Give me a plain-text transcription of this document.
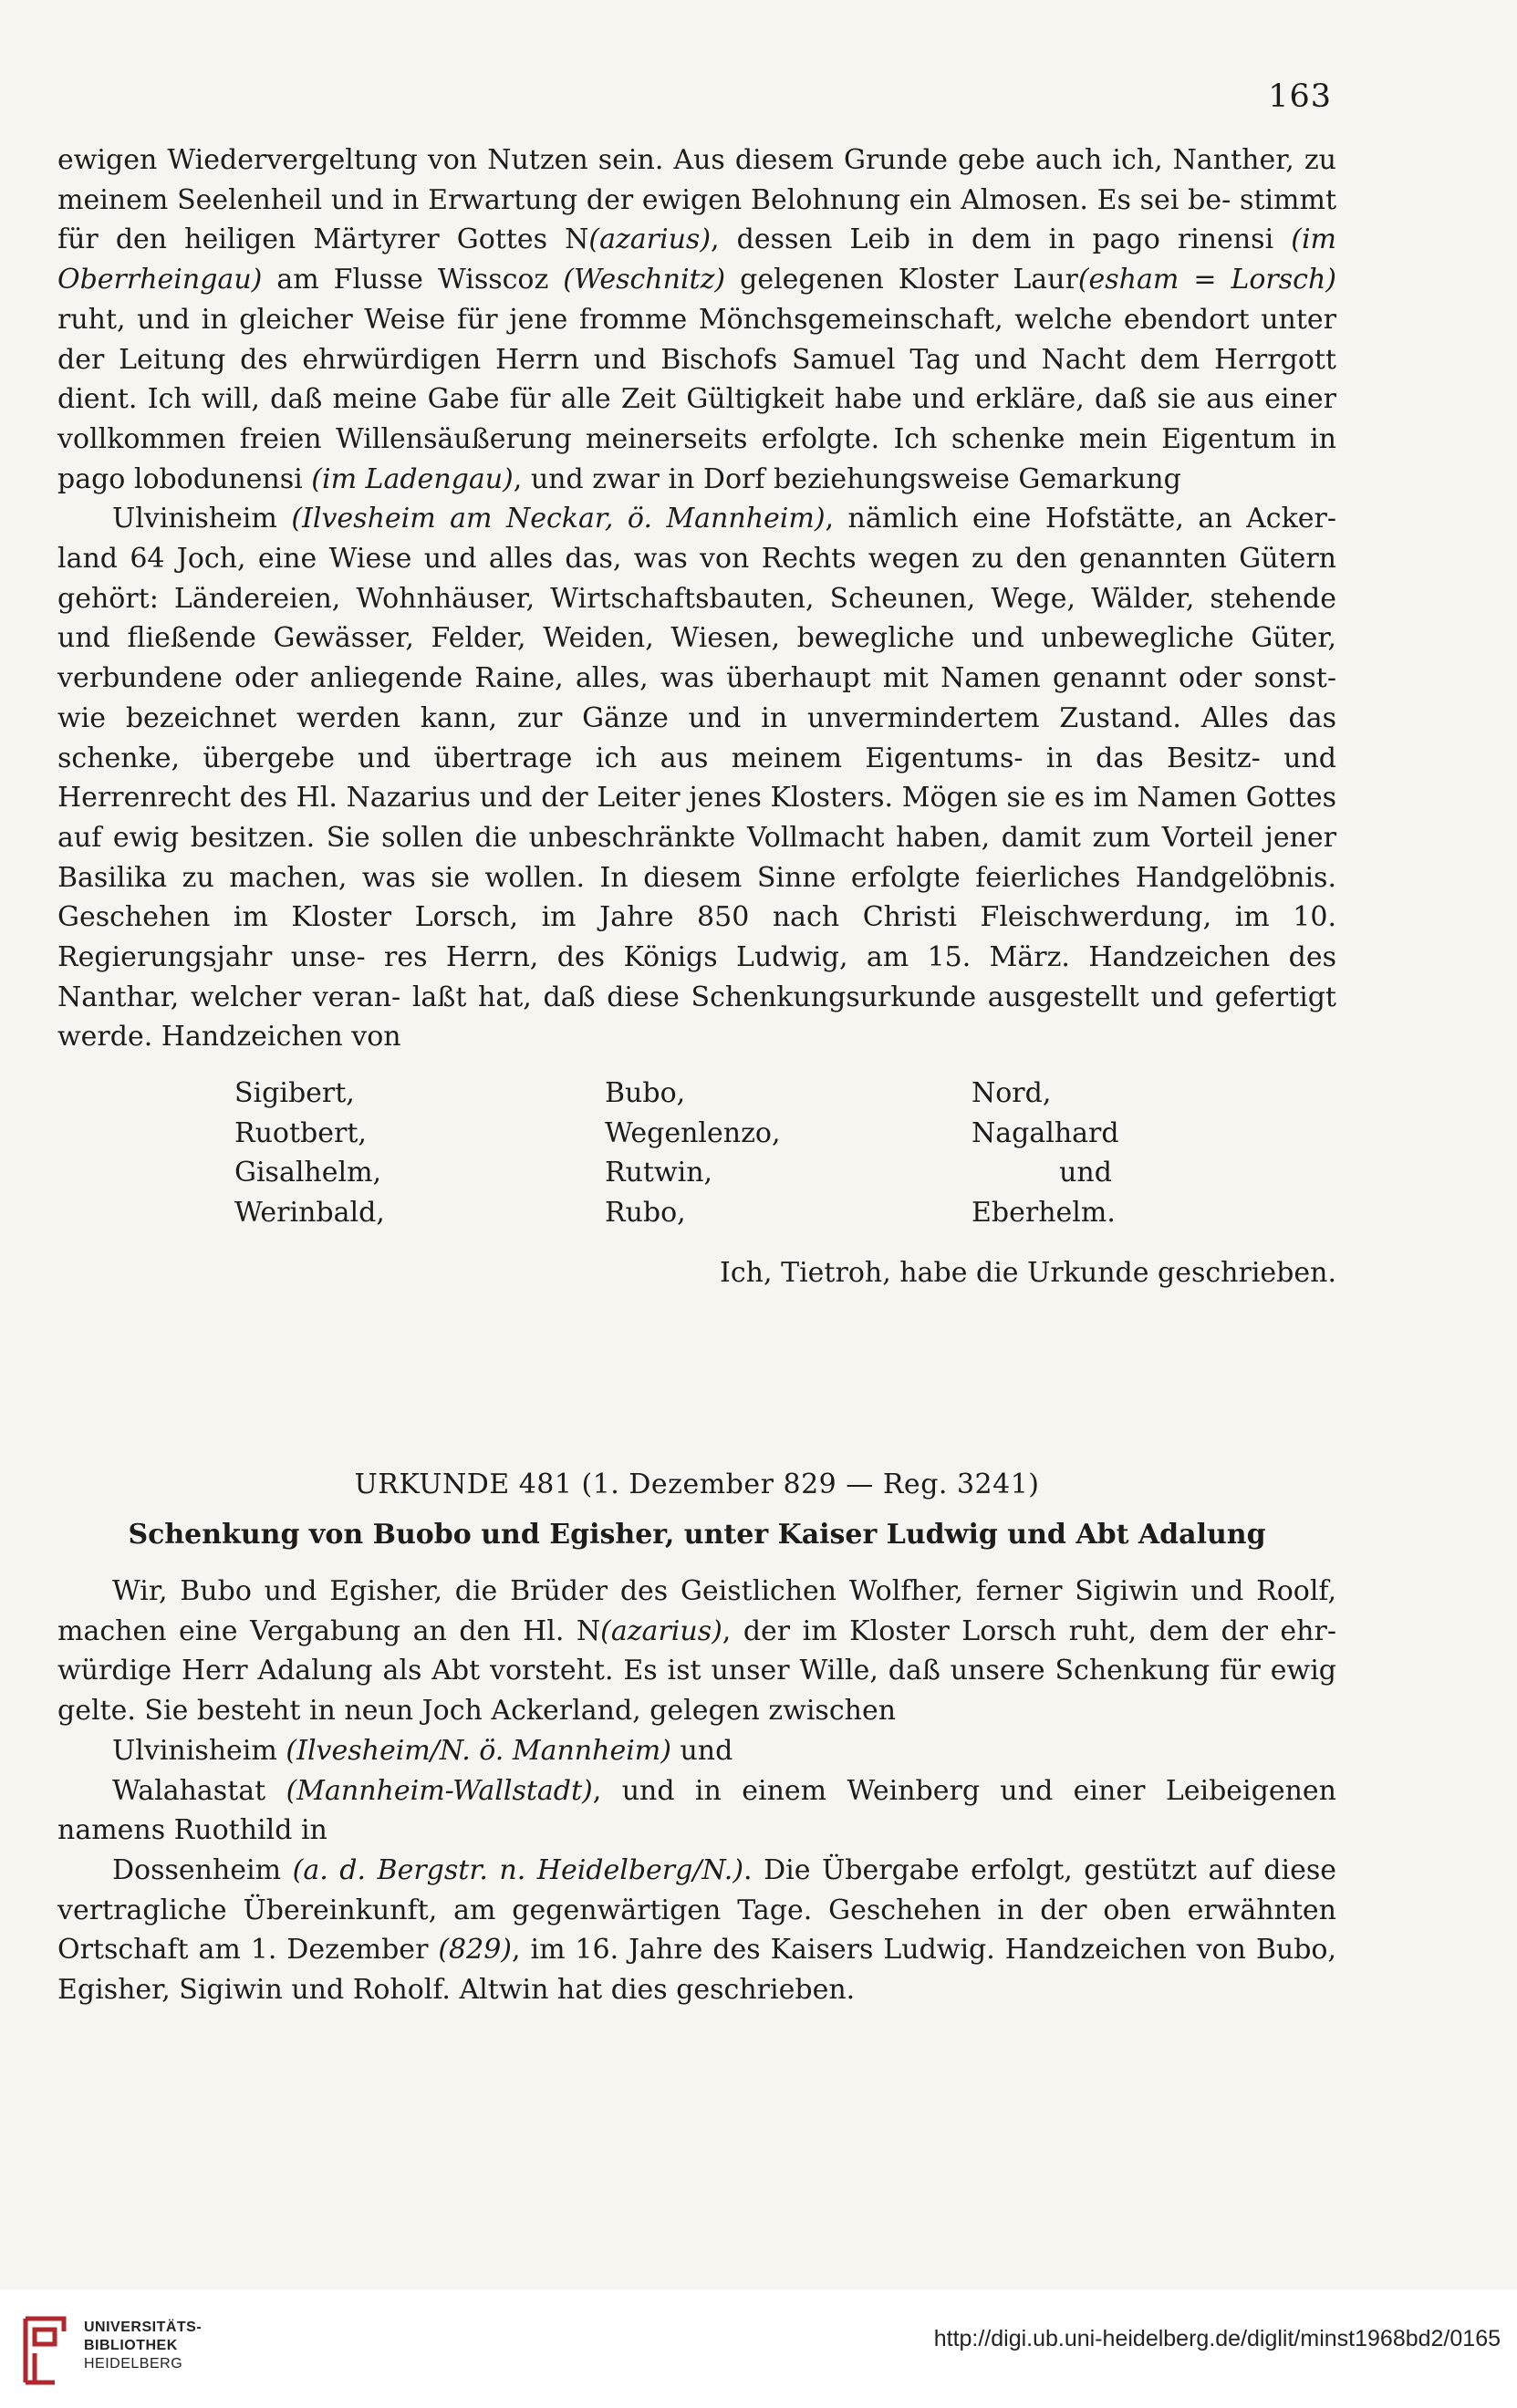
163

ewigen Wiedervergeltung von Nutzen sein. Aus diesem Grunde gebe auch ich, Nanther, zu meinem Seelenheil und in Erwartung der ewigen Belohnung ein Almosen. Es sei be- stimmt für den heiligen Märtyrer Gottes N(azarius), dessen Leib in dem in pago rinensi (im Oberrheingau) am Flusse Wisscoz (Weschnitz) gelegenen Kloster Laur(esham = Lorsch) ruht, und in gleicher Weise für jene fromme Mönchsgemeinschaft, welche ebendort unter der Leitung des ehrwürdigen Herrn und Bischofs Samuel Tag und Nacht dem Herrgott dient. Ich will, daß meine Gabe für alle Zeit Gültigkeit habe und erkläre, daß sie aus einer vollkommen freien Willensäußerung meinerseits erfolgte. Ich schenke mein Eigentum in pago lobodunensi (im Ladengau), und zwar in Dorf beziehungsweise Gemarkung

Ulvinisheim (Ilvesheim am Neckar, ö. Mannheim), nämlich eine Hofstätte, an Acker- land 64 Joch, eine Wiese und alles das, was von Rechts wegen zu den genannten Gütern gehört: Ländereien, Wohnhäuser, Wirtschaftsbauten, Scheunen, Wege, Wälder, stehende und fließende Gewässer, Felder, Weiden, Wiesen, bewegliche und unbewegliche Güter, verbundene oder anliegende Raine, alles, was überhaupt mit Namen genannt oder sonst- wie bezeichnet werden kann, zur Gänze und in unvermindertem Zustand. Alles das schenke, übergebe und übertrage ich aus meinem Eigentums- in das Besitz- und Herrenrecht des Hl. Nazarius und der Leiter jenes Klosters. Mögen sie es im Namen Gottes auf ewig besitzen. Sie sollen die unbeschränkte Vollmacht haben, damit zum Vorteil jener Basilika zu machen, was sie wollen. In diesem Sinne erfolgte feierliches Handgelöbnis. Geschehen im Kloster Lorsch, im Jahre 850 nach Christi Fleischwerdung, im 10. Regierungsjahr unse- res Herrn, des Königs Ludwig, am 15. März. Handzeichen des Nanthar, welcher veran- laßt hat, daß diese Schenkungsurkunde ausgestellt und gefertigt werde. Handzeichen von

Sigibert,	Bubo,	Nord,
Ruotbert,	Wegenlenzo,	Nagalhard
Gisalhelm,	Rutwin,	und
Werinbald,	Rubo,	Eberhelm.
Ich, Tietroh, habe die Urkunde geschrieben.
URKUNDE 481 (1. Dezember 829 — Reg. 3241)
Schenkung von Buobo und Egisher, unter Kaiser Ludwig und Abt Adalung

Wir, Bubo und Egisher, die Brüder des Geistlichen Wolfher, ferner Sigiwin und Roolf, machen eine Vergabung an den Hl. N(azarius), der im Kloster Lorsch ruht, dem der ehr- würdige Herr Adalung als Abt vorsteht. Es ist unser Wille, daß unsere Schenkung für ewig gelte. Sie besteht in neun Joch Ackerland, gelegen zwischen

Ulvinisheim (Ilvesheim/N. ö. Mannheim) und

Walahastat (Mannheim-Wallstadt), und in einem Weinberg und einer Leibeigenen namens Ruothild in

Dossenheim (a. d. Bergstr. n. Heidelberg/N.). Die Übergabe erfolgt, gestützt auf diese vertragliche Übereinkunft, am gegenwärtigen Tage. Geschehen in der oben erwähnten Ortschaft am 1. Dezember (829), im 16. Jahre des Kaisers Ludwig. Handzeichen von Bubo, Egisher, Sigiwin und Roholf. Altwin hat dies geschrieben.

UNIVERSITÄTS-
BIBLIOTHEK
HEIDELBERG
http://digi.ub.uni-heidelberg.de/diglit/minst1968bd2/0165
